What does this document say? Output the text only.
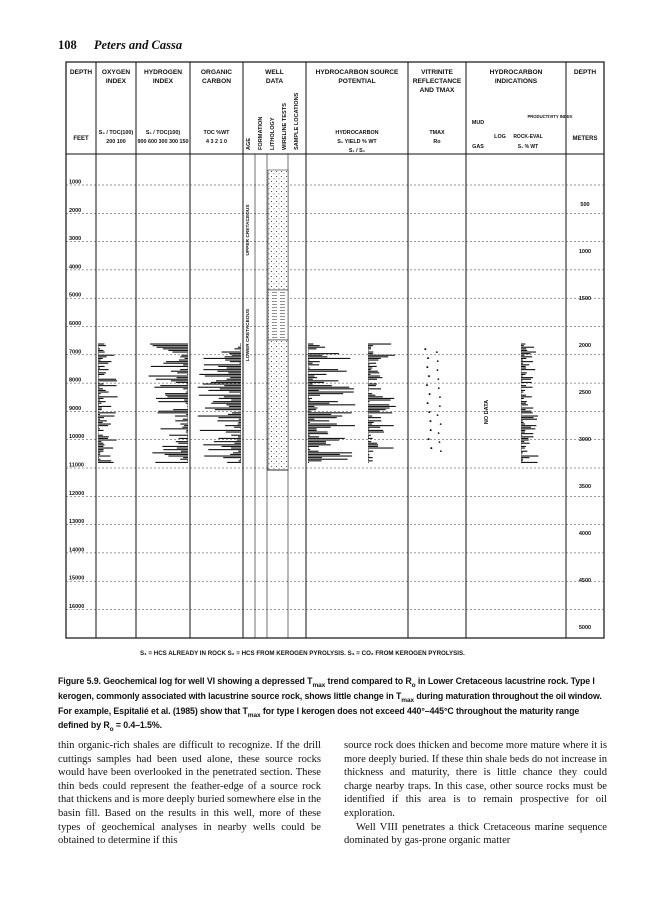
108 Peters and Cassa
DEPTH
FEET
OXYGEN
INDEX
S₃ / TOC(100)
200 100
HYDROGEN
INDEX
S₂ / TOC(100)
900 600 300 300 150
ORGANIC
CARBON
TOC %WT
4 3 2 1 0
WELL
DATA
AGE FORMATION LITHOLOGY WIRELINE TESTS SAMPLE LOCATIONS
HYDROCARBON SOURCE
POTENTIAL
HYDROCARBON
S₂ YIELD % WT
S₁ / S₂
VITRINITE
REFLECTANCE
AND TMAX
TMAX
Ro
HYDROCARBON
INDICATIONS
MUD
GAS
LOG ROCK-EVAL
S₁ % WT
PRODUCTIVITY INDEX
DEPTH
METERS
1000
2000
3000
4000
5000
6000
7000
8000
9000
10000
11000
12000
13000
14000
15000
16000
500
1000
1500
2000
2500
3000
3500
4000
4500
5000
UPPER CRETACEOUS
LOWER CRETACEOUS
NO DATA
S₁ = HCS ALREADY IN ROCK S₂ = HCS FROM KEROGEN PYROLYSIS. S₃ = CO₂ FROM KEROGEN PYROLYSIS.
Figure 5.9. Geochemical log for well VI showing a depressed $T_{max}$ trend compared to $R_o$ in Lower Cretaceous lacustrine rock. Type I kerogen, commonly associated with lacustrine source rock, shows little change in $T_{max}$ during maturation throughout the oil window. For example, Espitalié et al. (1985) show that $T_{max}$ for type I kerogen does not exceed 440°–445°C throughout the maturity range defined by $R_o = 0.4-1.5\%$.

thin organic-rich shales are difficult to recognize. If the drill cuttings samples had been used alone, these source rocks would have been overlooked in the penetrated section. These thin beds could represent the feather-edge of a source rock that thickens and is more deeply buried somewhere else in the basin fill. Based on the results in this well, more of these types of geochemical analyses in nearby wells could be obtained to determine if this

source rock does thicken and become more mature where it is more deeply buried. If these thin shale beds do not increase in thickness and maturity, there is little chance they could charge nearby traps. In this case, other source rocks must be identified if this area is to remain prospective for oil exploration.

Well VIII penetrates a thick Cretaceous marine sequence dominated by gas-prone organic matter
